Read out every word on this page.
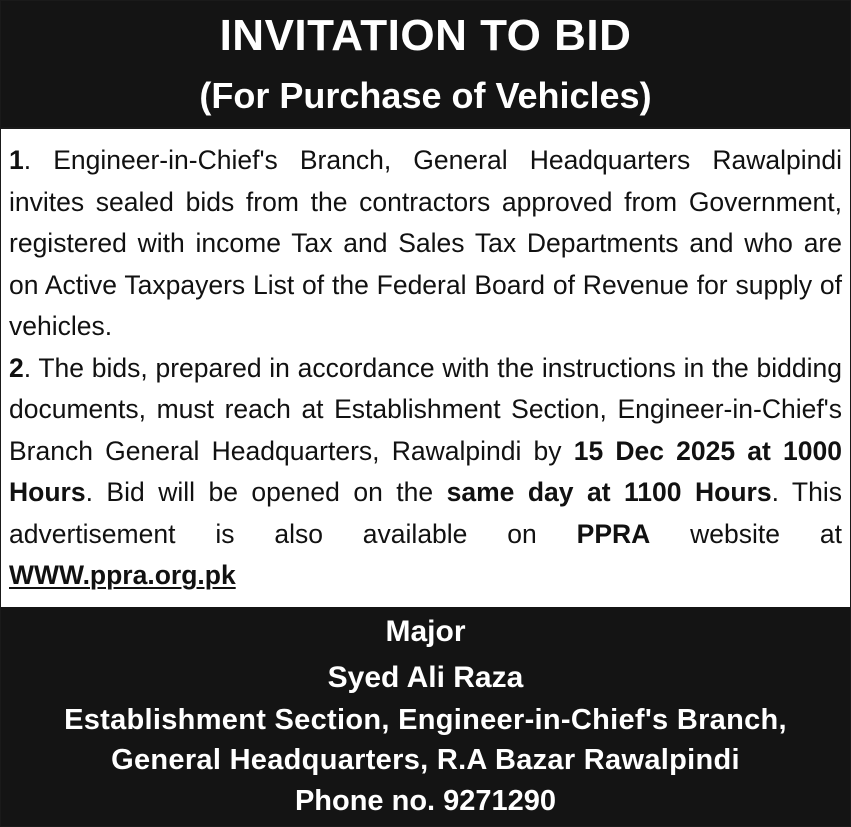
INVITATION TO BID
(For Purchase of Vehicles)

1. Engineer-in-Chief's Branch, General Headquarters Rawalpindi invites sealed bids from the contractors approved from Government, registered with income Tax and Sales Tax Departments and who are on Active Taxpayers List of the Federal Board of Revenue for supply of vehicles.

2. The bids, prepared in accordance with the instructions in the bidding documents, must reach at Establishment Section, Engineer-in-Chief's Branch General Headquarters, Rawalpindi by 15 Dec 2025 at 1000 Hours. Bid will be opened on the same day at 1100 Hours. This advertisement is also available on PPRA website at WWW.ppra.org.pk

Major
Syed Ali Raza
Establishment Section, Engineer-in-Chief's Branch,
General Headquarters, R.A Bazar Rawalpindi
Phone no. 9271290
